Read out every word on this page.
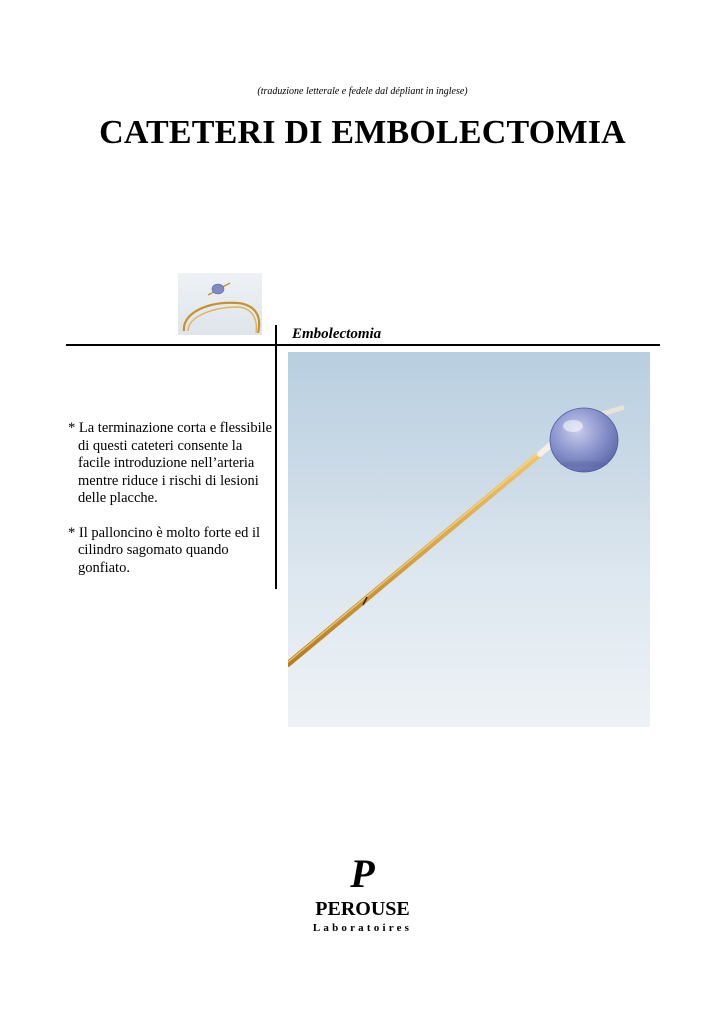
(traduzione letterale e fedele dal dépliant in inglese)
CATETERI DI EMBOLECTOMIA
Embolectomia

* La terminazione corta e flessibile di questi cateteri consente la facile introduzione nell’arteria mentre riduce i rischi di lesioni delle placche.

* Il palloncino è molto forte ed il cilindro sagomato quando gonfiato.

P
PEROUSE
Laboratoires
